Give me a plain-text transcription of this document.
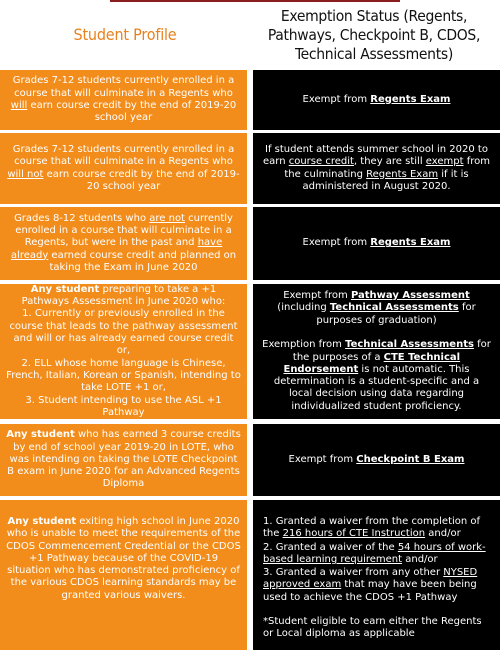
Student Profile
Exemption Status (Regents, Pathways, Checkpoint B, CDOS, Technical Assessments)
Grades 7-12 students currently enrolled in a course that will culminate in a Regents who will earn course credit by the end of 2019-20 school year
Exempt from Regents Exam
Grades 7-12 students currently enrolled in a course that will culminate in a Regents who will not earn course credit by the end of 2019-20 school year
If student attends summer school in 2020 to earn course credit, they are still exempt from the culminating Regents Exam if it is administered in August 2020.
Grades 8-12 students who are not currently enrolled in a course that will culminate in a Regents, but were in the past and have already earned course credit and planned on taking the Exam in June 2020
Exempt from Regents Exam
Any student preparing to take a +1 Pathways Assessment in June 2020 who:
1. Currently or previously enrolled in the course that leads to the pathway assessment and will or has already earned course credit or,
2. ELL whose home language is Chinese, French, Italian, Korean or Spanish, intending to take LOTE +1 or,
3. Student intending to use the ASL +1 Pathway
Exempt from Pathway Assessment (including Technical Assessments for purposes of graduation)

Exemption from Technical Assessments for the purposes of a CTE Technical Endorsement is not automatic. This determination is a student-specific and a local decision using data regarding individualized student proficiency.
Any student who has earned 3 course credits by end of school year 2019-20 in LOTE, who was intending on taking the LOTE Checkpoint B exam in June 2020 for an Advanced Regents Diploma
Exempt from Checkpoint B Exam
Any student exiting high school in June 2020 who is unable to meet the requirements of the CDOS Commencement Credential or the CDOS +1 Pathway because of the COVID-19 situation who has demonstrated proficiency of the various CDOS learning standards may be granted various waivers.
1. Granted a waiver from the completion of the 216 hours of CTE Instruction and/or
2. Granted a waiver of the 54 hours of work-based learning requirement and/or
3. Granted a waiver from any other NYSED approved exam that may have been being used to achieve the CDOS +1 Pathway
*Student eligible to earn either the Regents or Local diploma as applicable
